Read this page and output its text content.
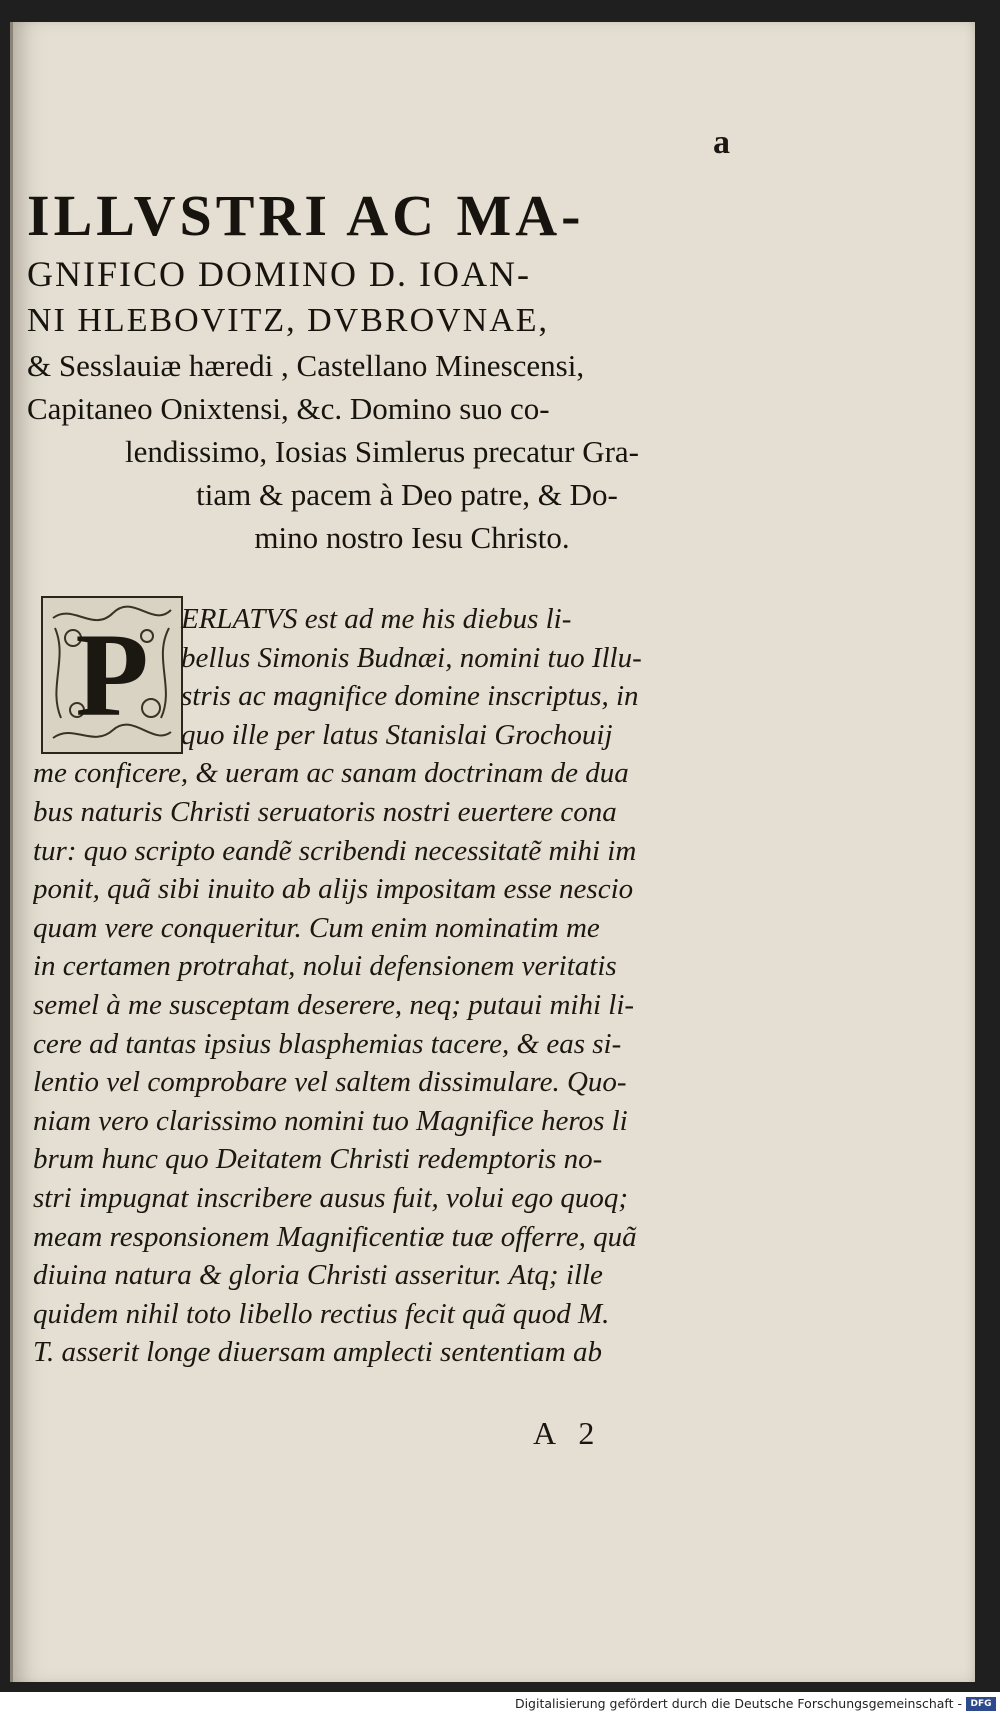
a
ILLVSTRI AC MA-
GNIFICO DOMINO D. IOAN-
NI HLEBOVITZ, DVBROVNAE,
& Sesslauiæ hæredi , Castellano Minescensi,
Capitaneo Onixtensi, &c. Domino suo co-
lendissimo, Iosias Simlerus precatur Gra-
tiam & pacem à Deo patre, & Do-
mino nostro Iesu Christo.
P	ERLATVS est ad me his diebus li-
bellus Simonis Budnæi, nomini tuo Illu-
stris ac magnifice domine inscriptus, in
quo ille per latus Stanislai Grochouij
me conficere, & ueram ac sanam doctrinam de dua
bus naturis Christi seruatoris nostri euertere cona
tur: quo scripto eandẽ scribendi necessitatẽ mihi im
ponit, quã sibi inuito ab alijs impositam esse nescio
quam vere conqueritur. Cum enim nominatim me
in certamen protrahat, nolui defensionem veritatis
semel à me susceptam deserere, neq; putaui mihi li-
cere ad tantas ipsius blasphemias tacere, & eas si-
lentio vel comprobare vel saltem dissimulare. Quo-
niam vero clarissimo nomini tuo Magnifice heros li
brum hunc quo Deitatem Christi redemptoris no-
stri impugnat inscribere ausus fuit, volui ego quoq;
meam responsionem Magnificentiæ tuæ offerre, quã
diuina natura & gloria Christi asseritur. Atq; ille
quidem nihil toto libello rectius fecit quã quod M.
T. asserit longe diuersam amplecti sententiam ab
A 2
Digitalisierung gefördert durch die Deutsche Forschungsgemeinschaft - DFG
